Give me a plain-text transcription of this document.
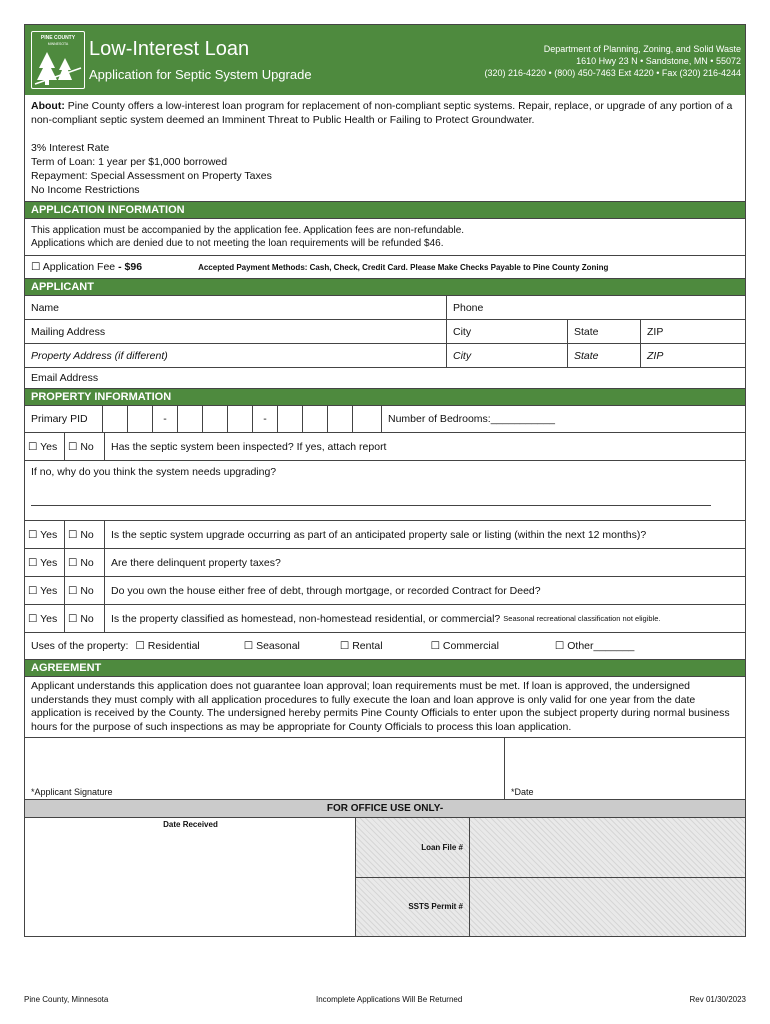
PINE COUNTY
MINNESOTA	Low-Interest Loan
Application for Septic System Upgrade
Department of Planning, Zoning, and Solid Waste
1610 Hwy 23 N • Sandstone, MN • 55072
(320) 216-4220 • (800) 450-7463 Ext 4220 • Fax (320) 216-4244
About: Pine County offers a low-interest loan program for replacement of non-compliant septic systems. Repair, replace, or upgrade of any portion of a non-compliant septic system deemed an Imminent Threat to Public Health or Failing to Protect Groundwater.
3% Interest Rate
Term of Loan: 1 year per $1,000 borrowed
Repayment: Special Assessment on Property Taxes
No Income Restrictions
APPLICATION INFORMATION
This application must be accompanied by the application fee. Application fees are non-refundable.
Applications which are denied due to not meeting the loan requirements will be refunded $46.
☐ Application Fee - $96	Accepted Payment Methods: Cash, Check, Credit Card. Please Make Checks Payable to Pine County Zoning
APPLICANT
Name	Phone
Mailing Address	City	State	ZIP
Property Address (if different)	City	State	ZIP
Email Address
PROPERTY INFORMATION
Primary PID	-	-	Number of Bedrooms:___________
☐ Yes	☐ No	Has the septic system been inspected? If yes, attach report
If no, why do you think the system needs upgrading?
☐ Yes	☐ No	Is the septic system upgrade occurring as part of an anticipated property sale or listing (within the next 12 months)?
☐ Yes	☐ No	Are there delinquent property taxes?
☐ Yes	☐ No	Do you own the house either free of debt, through mortgage, or recorded Contract for Deed?
☐ Yes	☐ No	Is the property classified as homestead, non-homestead residential, or commercial? Seasonal recreational classification not eligible.
Uses of the property: ☐ Residential	☐ Seasonal	☐ Rental	☐ Commercial	☐ Other_______
AGREEMENT
Applicant understands this application does not guarantee loan approval; loan requirements must be met. If loan is approved, the undersigned understands they must comply with all application procedures to fully execute the loan and loan approve is only valid for one year from the date application is received by the County. The undersigned hereby permits Pine County Officials to enter upon the subject property during normal business hours for the purpose of such inspections as may be appropriate for County Officials to process this loan application.
*Applicant Signature	*Date
FOR OFFICE USE ONLY-
Date Received
Loan File #
SSTS Permit #
Pine County, Minnesota	Incomplete Applications Will Be Returned	Rev 01/30/2023
